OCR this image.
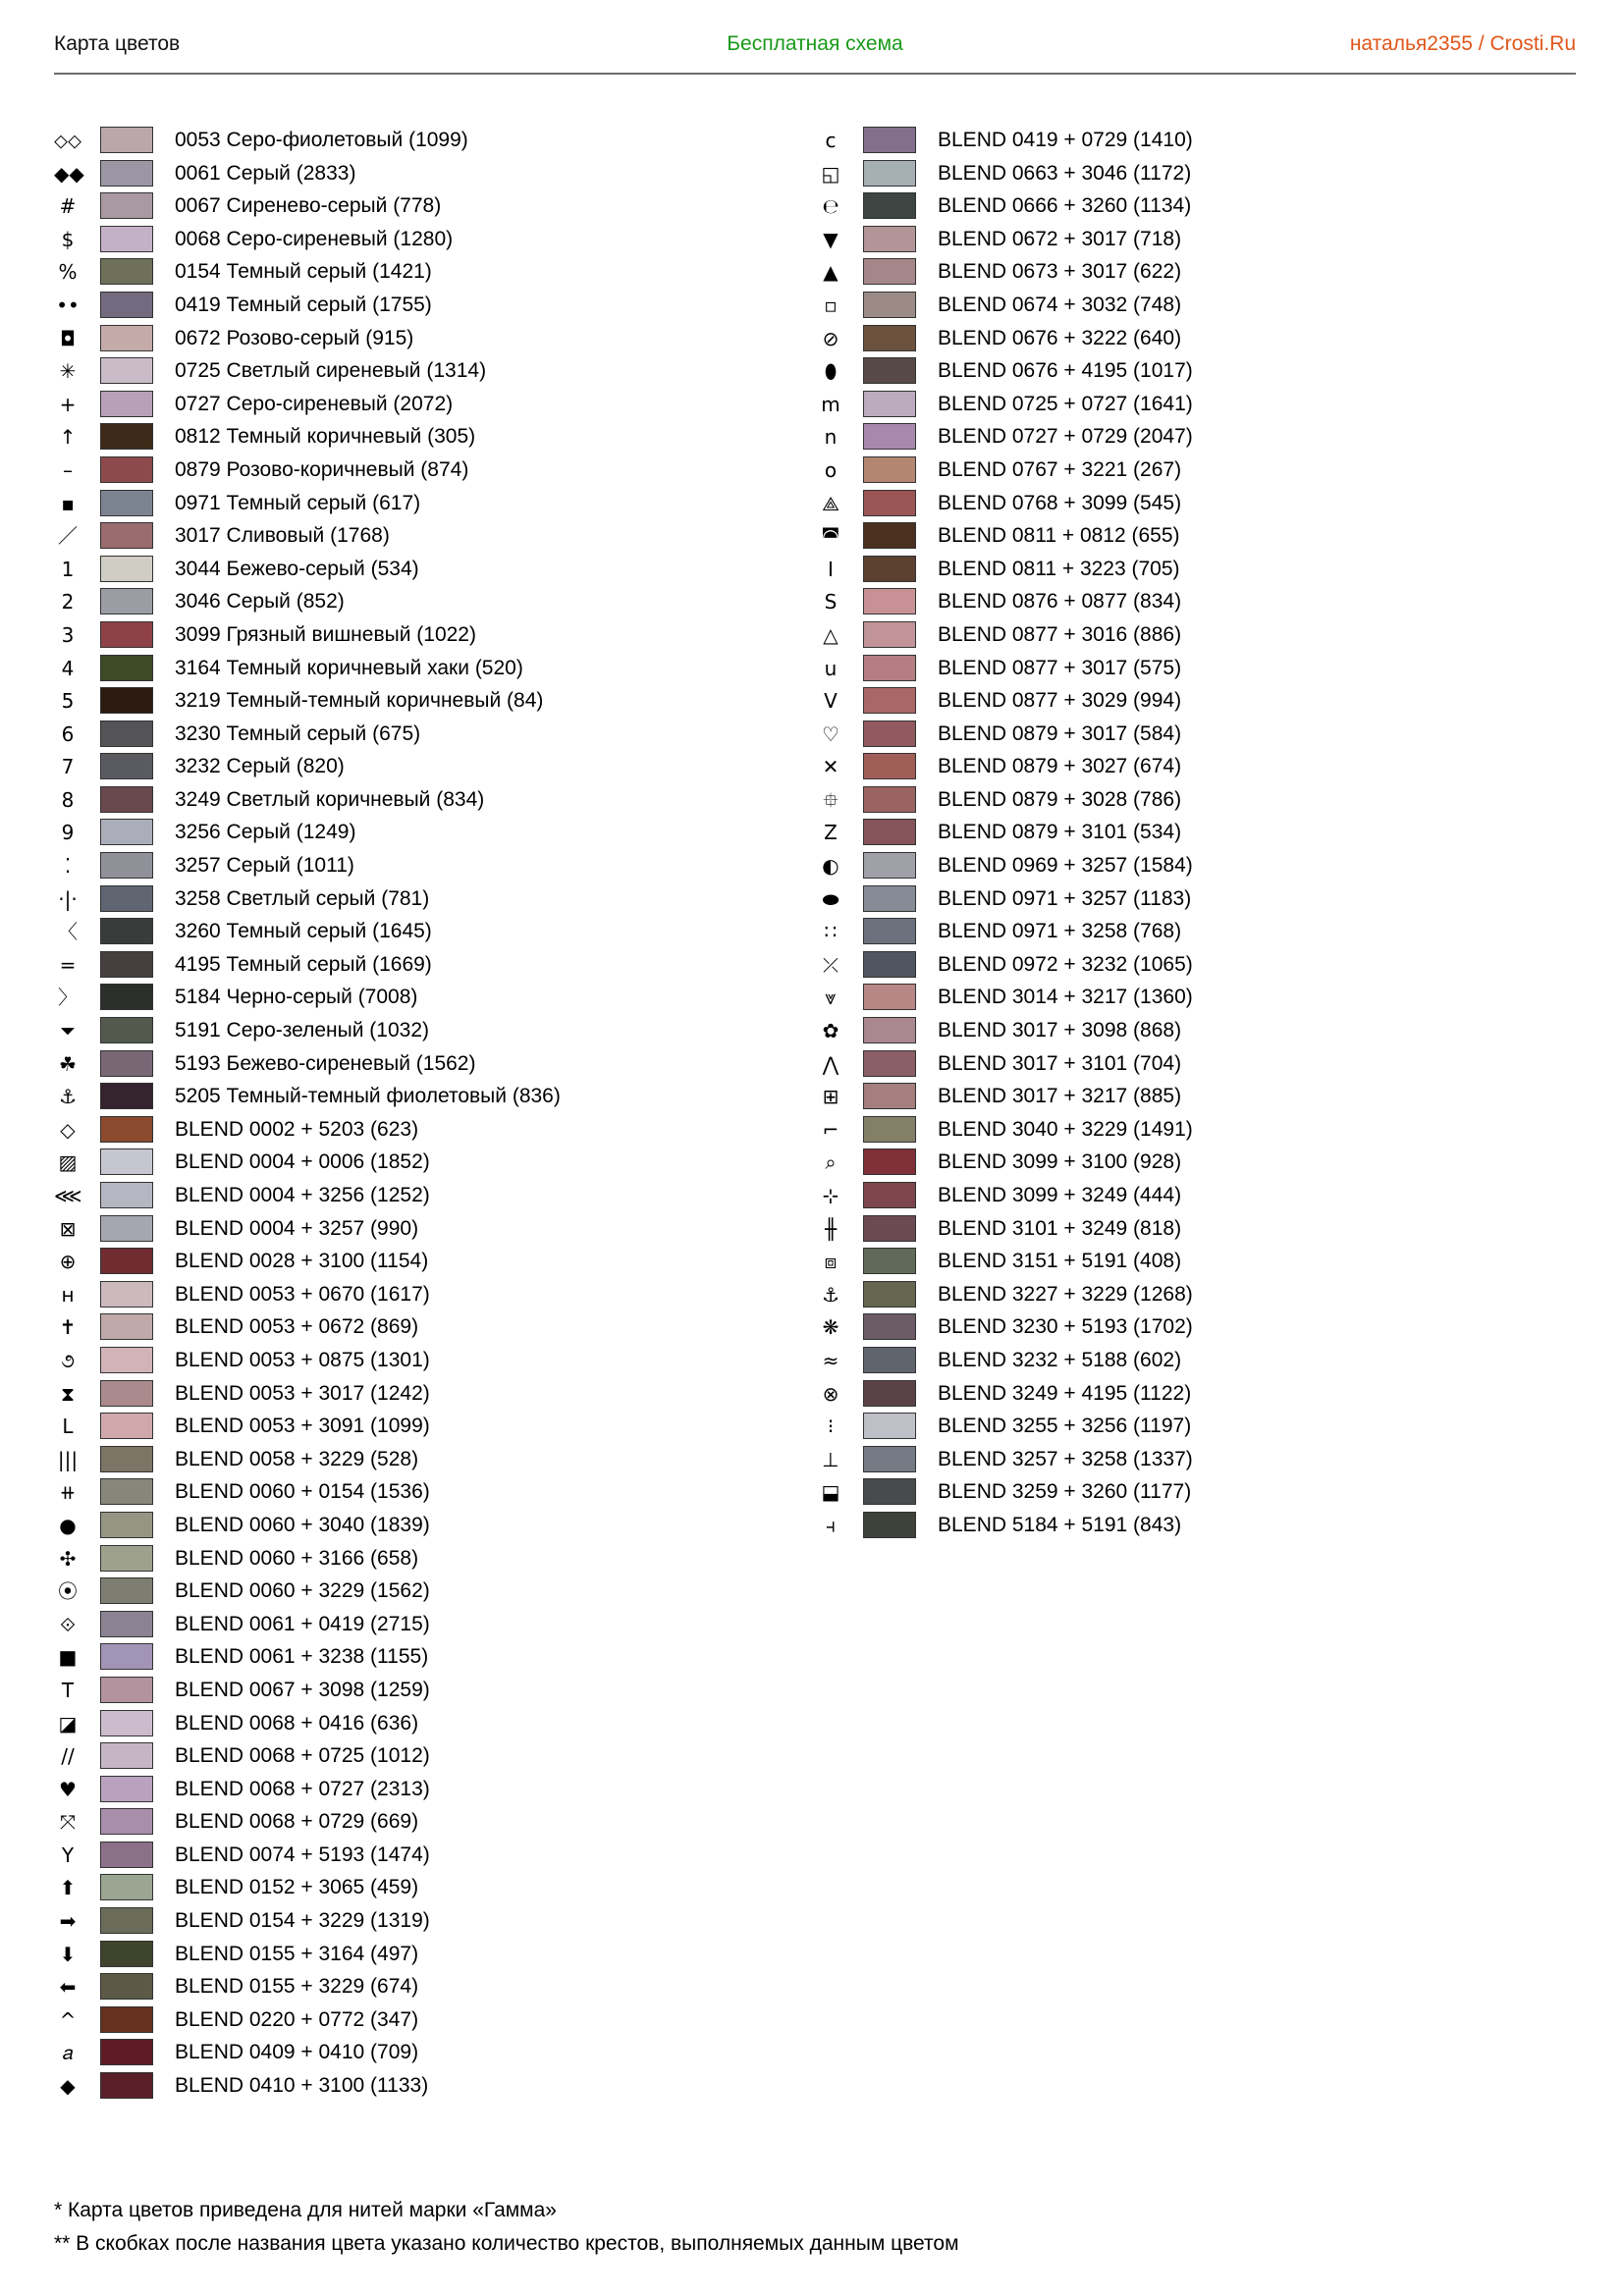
Карта цветов	Бесплатная схема	наталья2355 / Crosti.Ru
⬦⬦	0053 Серо-фиолетовый (1099)
◆◆	0061 Серый (2833)
#	0067 Сиренево-серый (778)
$	0068 Серо-сиреневый (1280)
%	0154 Темный серый (1421)
••	0419 Темный серый (1755)
◘	0672 Розово-серый (915)
✳	0725 Светлый сиреневый (1314)
+	0727 Серо-сиреневый (2072)
↑	0812 Темный коричневый (305)
–	0879 Розово-коричневый (874)
▪	0971 Темный серый (617)
／	3017 Сливовый (1768)
1	3044 Бежево-серый (534)
2	3046 Серый (852)
3	3099 Грязный вишневый (1022)
4	3164 Темный коричневый хаки (520)
5	3219 Темный-темный коричневый (84)
6	3230 Темный серый (675)
7	3232 Серый (820)
8	3249 Светлый коричневый (834)
9	3256 Серый (1249)
⁚	3257 Серый (1011)
·|·	3258 Светлый серый (781)
〈	3260 Темный серый (1645)
=	4195 Темный серый (1669)
〉	5184 Черно-серый (7008)
⏷	5191 Серо-зеленый (1032)
☘	5193 Бежево-сиреневый (1562)
⚓	5205 Темный-темный фиолетовый (836)
◇	BLEND 0002 + 5203 (623)
▨	BLEND 0004 + 0006 (1852)
⋘	BLEND 0004 + 3256 (1252)
⊠	BLEND 0004 + 3257 (990)
⊕	BLEND 0028 + 3100 (1154)
н	BLEND 0053 + 0670 (1617)
✝	BLEND 0053 + 0672 (869)
૭	BLEND 0053 + 0875 (1301)
⧗	BLEND 0053 + 3017 (1242)
L	BLEND 0053 + 3091 (1099)
|||	BLEND 0058 + 3229 (528)
⧺	BLEND 0060 + 0154 (1536)
●	BLEND 0060 + 3040 (1839)
✣	BLEND 0060 + 3166 (658)
⦿	BLEND 0060 + 3229 (1562)
⟐	BLEND 0061 + 0419 (2715)
■	BLEND 0061 + 3238 (1155)
T	BLEND 0067 + 3098 (1259)
◪	BLEND 0068 + 0416 (636)
//	BLEND 0068 + 0725 (1012)
♥	BLEND 0068 + 0727 (2313)
⤧	BLEND 0068 + 0729 (669)
Y	BLEND 0074 + 5193 (1474)
⬆	BLEND 0152 + 3065 (459)
➡	BLEND 0154 + 3229 (1319)
⬇	BLEND 0155 + 3164 (497)
⬅	BLEND 0155 + 3229 (674)
^	BLEND 0220 + 0772 (347)
𝑎	BLEND 0409 + 0410 (709)
◆	BLEND 0410 + 3100 (1133)
c	BLEND 0419 + 0729 (1410)
◱	BLEND 0663 + 3046 (1172)
℮	BLEND 0666 + 3260 (1134)
▼	BLEND 0672 + 3017 (718)
▲	BLEND 0673 + 3017 (622)
▫	BLEND 0674 + 3032 (748)
⊘	BLEND 0676 + 3222 (640)
⬮	BLEND 0676 + 4195 (1017)
m	BLEND 0725 + 0727 (1641)
n	BLEND 0727 + 0729 (2047)
o	BLEND 0767 + 3221 (267)
⟁	BLEND 0768 + 3099 (545)
◚	BLEND 0811 + 0812 (655)
I	BLEND 0811 + 3223 (705)
S	BLEND 0876 + 0877 (834)
△	BLEND 0877 + 3016 (886)
u	BLEND 0877 + 3017 (575)
V	BLEND 0877 + 3029 (994)
♡	BLEND 0879 + 3017 (584)
✕	BLEND 0879 + 3027 (674)
⯐	BLEND 0879 + 3028 (786)
Z	BLEND 0879 + 3101 (534)
◐	BLEND 0969 + 3257 (1584)
⬬	BLEND 0971 + 3257 (1183)
∷	BLEND 0971 + 3258 (768)
⤫	BLEND 0972 + 3232 (1065)
⩔	BLEND 3014 + 3217 (1360)
✿	BLEND 3017 + 3098 (868)
⋀	BLEND 3017 + 3101 (704)
⊞	BLEND 3017 + 3217 (885)
⌐	BLEND 3040 + 3229 (1491)
⌕	BLEND 3099 + 3100 (928)
⊹	BLEND 3099 + 3249 (444)
╫	BLEND 3101 + 3249 (818)
⧈	BLEND 3151 + 5191 (408)
⚓	BLEND 3227 + 3229 (1268)
❋	BLEND 3230 + 5193 (1702)
≈	BLEND 3232 + 5188 (602)
⊗	BLEND 3249 + 4195 (1122)
⁝	BLEND 3255 + 3256 (1197)
⊥	BLEND 3257 + 3258 (1337)
⬓	BLEND 3259 + 3260 (1177)
⫞	BLEND 5184 + 5191 (843)
* Карта цветов приведена для нитей марки «Гамма»
** В скобках после названия цвета указано количество крестов, выполняемых данным цветом
